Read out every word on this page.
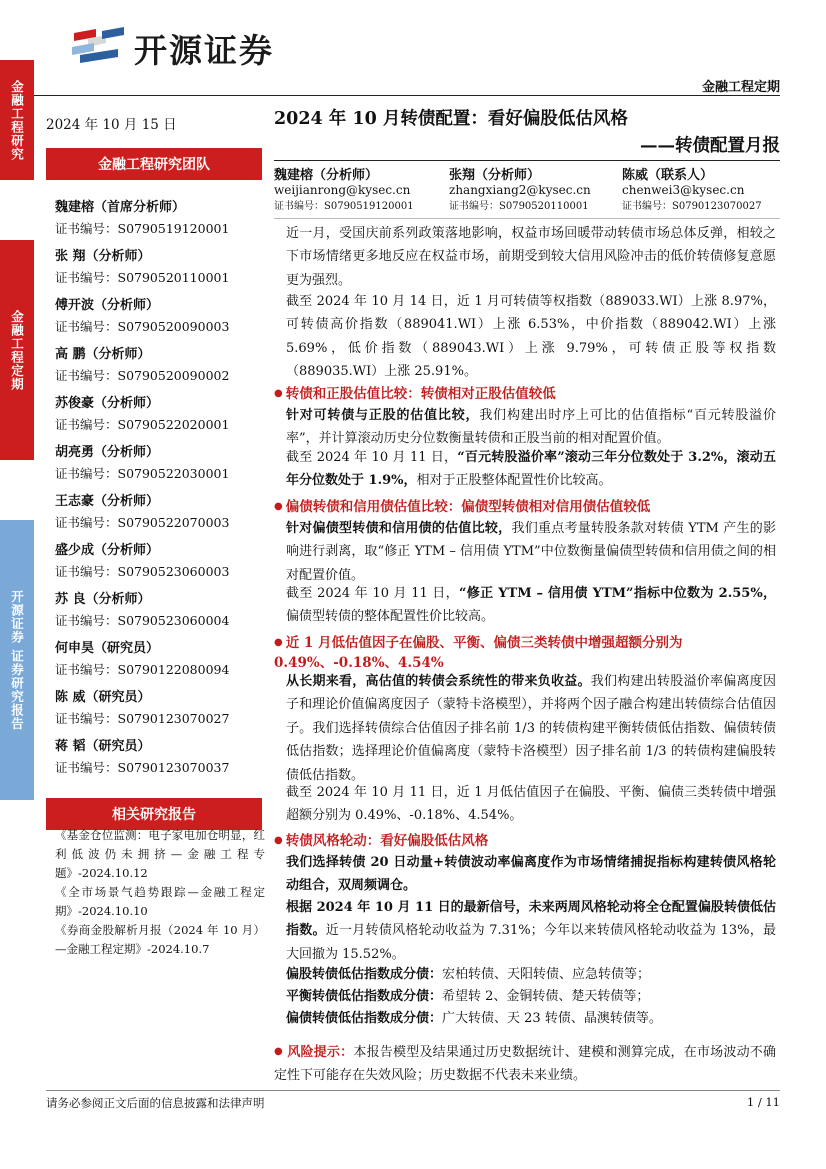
开源证券
金融工程定期
金融工程研究
金融工程定期
开源证券 证券研究报告
2024 年 10 月 15 日
金融工程研究团队
魏建榕（首席分析师）
证书编号：S0790519120001
张 翔（分析师）
证书编号：S0790520110001
傅开波（分析师）
证书编号：S0790520090003
高 鹏（分析师）
证书编号：S0790520090002
苏俊豪（分析师）
证书编号：S0790522020001
胡亮勇（分析师）
证书编号：S0790522030001
王志豪（分析师）
证书编号：S0790522070003
盛少成（分析师）
证书编号：S0790523060003
苏 良（分析师）
证书编号：S0790523060004
何申昊（研究员）
证书编号：S0790122080094
陈 威（研究员）
证书编号：S0790123070027
蒋 韬（研究员）
证书编号：S0790123070037
相关研究报告
《基金仓位监测：电子家电加仓明显，红利低波仍未拥挤—金融工程专题》-2024.10.12
《全市场景气趋势跟踪—金融工程定期》-2024.10.10
《券商金股解析月报（2024 年 10 月）—金融工程定期》-2024.10.7
2024 年 10 月转债配置：看好偏股低估风格
——转债配置月报
魏建榕（分析师）
weijianrong@kysec.cn
证书编号：S0790519120001
张翔（分析师）
zhangxiang2@kysec.cn
证书编号：S0790520110001
陈威（联系人）
chenwei3@kysec.cn
证书编号：S0790123070027
近一月，受国庆前系列政策落地影响，权益市场回暖带动转债市场总体反弹，相较之下市场情绪更多地反应在权益市场，前期受到较大信用风险冲击的低价转债修复意愿更为强烈。
截至 2024 年 10 月 14 日，近 1 月可转债等权指数（889033.WI）上涨 8.97%，可转债高价指数（889041.WI）上涨 6.53%，中价指数（889042.WI）上涨 5.69%，低价指数（889043.WI）上涨 9.79%，可转债正股等权指数（889035.WI）上涨 25.91%。
● 转债和正股估值比较：转债相对正股估值较低
针对可转债与正股的估值比较，我们构建出时序上可比的估值指标“百元转股溢价率”，并计算滚动历史分位数衡量转债和正股当前的相对配置价值。
截至 2024 年 10 月 11 日，“百元转股溢价率”滚动三年分位数处于 3.2%，滚动五年分位数处于 1.9%，相对于正股整体配置性价比较高。
● 偏债转债和信用债估值比较：偏债型转债相对信用债估值较低
针对偏债型转债和信用债的估值比较，我们重点考量转股条款对转债 YTM 产生的影响进行剥离，取“修正 YTM – 信用债 YTM”中位数衡量偏债型转债和信用债之间的相对配置价值。
截至 2024 年 10 月 11 日，“修正 YTM – 信用债 YTM”指标中位数为 2.55%，偏债型转债的整体配置性价比较高。
● 近 1 月低估值因子在偏股、平衡、偏债三类转债中增强超额分别为 0.49%、-0.18%、4.54%
从长期来看，高估值的转债会系统性的带来负收益。我们构建出转股溢价率偏离度因子和理论价值偏离度因子（蒙特卡洛模型），并将两个因子融合构建出转债综合估值因子。我们选择转债综合估值因子排名前 1/3 的转债构建平衡转债低估指数、偏债转债低估指数；选择理论价值偏离度（蒙特卡洛模型）因子排名前 1/3 的转债构建偏股转债低估指数。
截至 2024 年 10 月 11 日，近 1 月低估值因子在偏股、平衡、偏债三类转债中增强超额分别为 0.49%、-0.18%、4.54%。
● 转债风格轮动：看好偏股低估风格
我们选择转债 20 日动量+转债波动率偏离度作为市场情绪捕捉指标构建转债风格轮动组合，双周频调仓。
根据 2024 年 10 月 11 日的最新信号，未来两周风格轮动将全仓配置偏股转债低估指数。近一月转债风格轮动收益为 7.31%；今年以来转债风格轮动收益为 13%，最大回撤为 15.52%。
偏股转债低估指数成分债：宏柏转债、天阳转债、应急转债等；
平衡转债低估指数成分债：希望转 2、金铜转债、楚天转债等；
偏债转债低估指数成分债：广大转债、天 23 转债、晶澳转债等。
● 风险提示：本报告模型及结果通过历史数据统计、建模和测算完成，在市场波动不确定性下可能存在失效风险；历史数据不代表未来业绩。
请务必参阅正文后面的信息披露和法律声明	1 / 11
